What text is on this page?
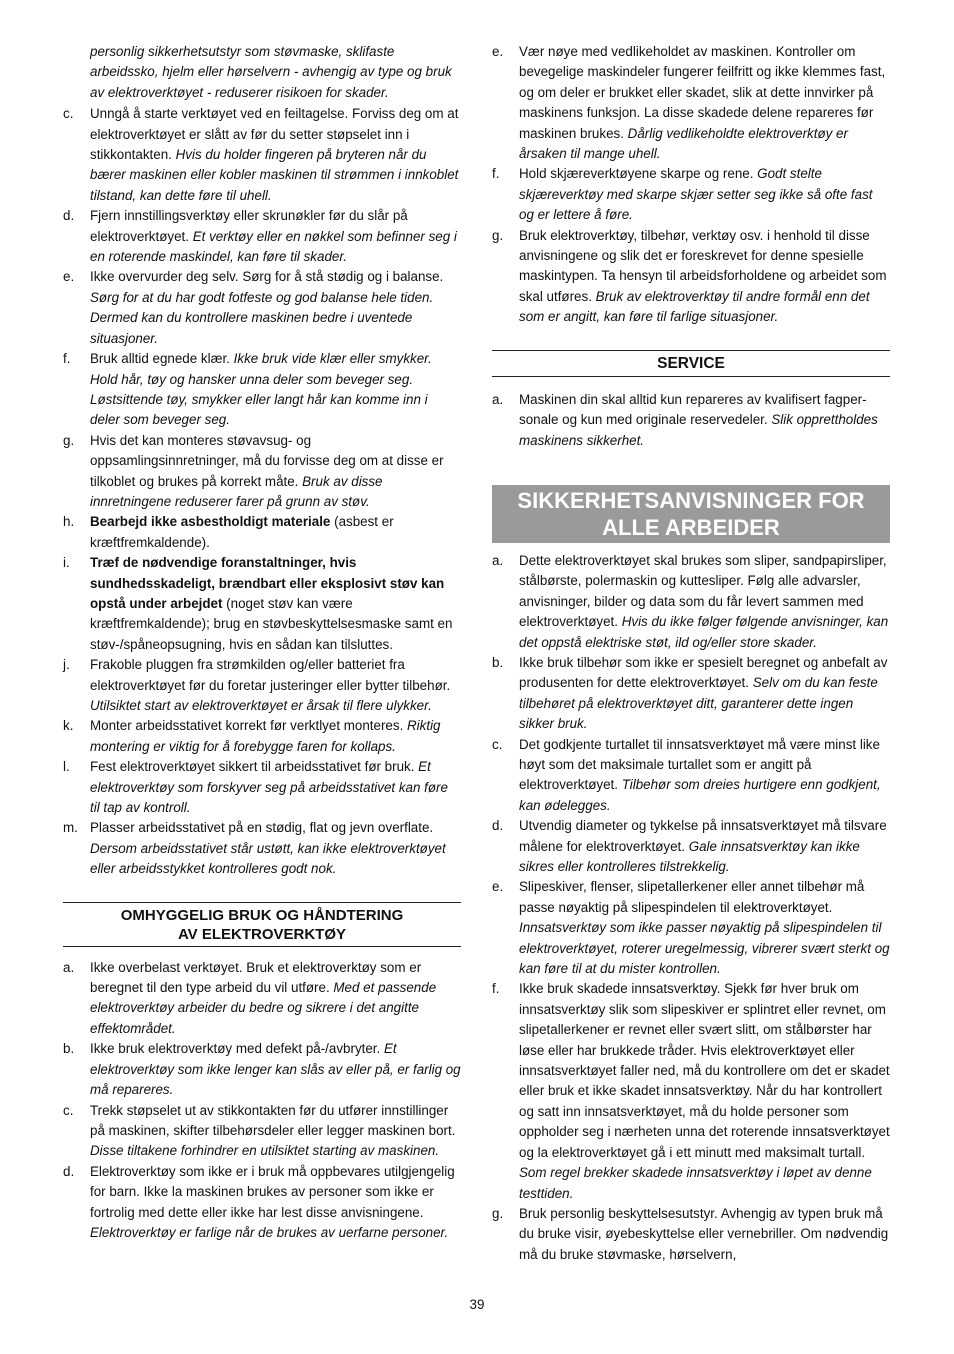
personlig sikkerhetsutstyr som støvmaske, sklifaste arbeidssko, hjelm eller hørselvern - avhengig av type og bruk av elektroverktøyet - reduserer risikoen for skader.

c. Unngå å starte verktøyet ved en feiltagelse. Forviss deg om at elektroverktøyet er slått av før du setter støpselet inn i stikkontakten. Hvis du holder fingeren på bryteren når du bærer maskinen eller kobler maskinen til strømmen i innkoblet tilstand, kan dette føre til uhell.

d. Fjern innstillingsverktøy eller skrunøkler før du slår på elektroverktøyet. Et verktøy eller en nøkkel som befinner seg i en roterende maskindel, kan føre til skader.

e. Ikke overvurder deg selv. Sørg for å stå stødig og i balanse. Sørg for at du har godt fotfeste og god balanse hele tiden. Dermed kan du kontrollere maskinen bedre i uventede situasjoner.

f. Bruk alltid egnede klær. Ikke bruk vide klær eller smykker. Hold hår, tøy og hansker unna deler som beveger seg. Løstsittende tøy, smykker eller langt hår kan komme inn i deler som beveger seg.

g. Hvis det kan monteres støvavsug- og oppsamlingsinnretninger, må du forvisse deg om at disse er tilkoblet og brukes på korrekt måte. Bruk av disse innretningene reduserer farer på grunn av støv.

h. Bearbejd ikke asbestholdigt materiale (asbest er kræftfremkaldende).

i. Træf de nødvendige foranstaltninger, hvis sundhedsskadeligt, brændbart eller eksplosivt støv kan opstå under arbejdet (noget støv kan være kræftfremkaldende); brug en støvbeskyttelsesmaske samt en støv-/spåneopsugning, hvis en sådan kan tilsluttes.

j. Frakoble pluggen fra strømkilden og/eller batteriet fra elektroverktøyet før du foretar justeringer eller bytter tilbehør. Utilsiktet start av elektroverktøyet er årsak til flere ulykker.

k. Monter arbeidsstativet korrekt før verktlyet monteres. Riktig montering er viktig for å forebygge faren for kollaps.

l. Fest elektroverktøyet sikkert til arbeidsstativet før bruk. Et elektroverktøy som forskyver seg på arbeidsstativet kan føre til tap av kontroll.

m. Plasser arbeidsstativet på en stødig, flat og jevn overflate. Dersom arbeidsstativet står ustøtt, kan ikke elektroverktøyet eller arbeidsstykket kontrolleres godt nok.

OMHYGGELIG BRUK OG HÅNDTERING
AV ELEKTROVERKTØY

a. Ikke overbelast verktøyet. Bruk et elektroverktøy som er beregnet til den type arbeid du vil utføre. Med et passende elektroverktøy arbeider du bedre og sikrere i det angitte effektområdet.

b. Ikke bruk elektroverktøy med defekt på-/avbryter. Et elektroverktøy som ikke lenger kan slås av eller på, er farlig og må repareres.

c. Trekk støpselet ut av stikkontakten før du utfører innstillinger på maskinen, skifter tilbehørsdeler eller legger maskinen bort. Disse tiltakene forhindrer en utilsiktet starting av maskinen.

d. Elektroverktøy som ikke er i bruk må oppbevares utilgjengelig for barn. Ikke la maskinen brukes av personer som ikke er fortrolig med dette eller ikke har lest disse anvisningene. Elektroverktøy er farlige når de brukes av uerfarne personer.

e. Vær nøye med vedlikeholdet av maskinen. Kontroller om bevegelige maskindeler fungerer feilfritt og ikke klemmes fast, og om deler er brukket eller skadet, slik at dette innvirker på maskinens funksjon. La disse skadede delene repareres før maskinen brukes. Dårlig vedlikeholdte elektroverktøy er årsaken til mange uhell.

f. Hold skjæreverktøyene skarpe og rene. Godt stelte skjæreverktøy med skarpe skjær setter seg ikke så ofte fast og er lettere å føre.

g. Bruk elektroverktøy, tilbehør, verktøy osv. i henhold til disse anvisningene og slik det er foreskrevet for denne spesielle maskintypen. Ta hensyn til arbeidsforholdene og arbeidet som skal utføres. Bruk av elektroverktøy til andre formål enn det som er angitt, kan føre til farlige situasjoner.

SERVICE

a. Maskinen din skal alltid kun repareres av kvalifisert fagper-sonale og kun med originale reservedeler. Slik opprettholdes maskinens sikkerhet.

SIKKERHETSANVISNINGER FOR
ALLE ARBEIDER

a. Dette elektroverktøyet skal brukes som sliper, sandpapirsliper, stålbørste, polermaskin og kuttesliper. Følg alle advarsler, anvisninger, bilder og data som du får levert sammen med elektroverktøyet. Hvis du ikke følger følgende anvisninger, kan det oppstå elektriske støt, ild og/eller store skader.

b. Ikke bruk tilbehør som ikke er spesielt beregnet og anbefalt av produsenten for dette elektroverktøyet. Selv om du kan feste tilbehøret på elektroverktøyet ditt, garanterer dette ingen sikker bruk.

c. Det godkjente turtallet til innsatsverktøyet må være minst like høyt som det maksimale turtallet som er angitt på elektroverktøyet. Tilbehør som dreies hurtigere enn godkjent, kan ødelegges.

d. Utvendig diameter og tykkelse på innsatsverktøyet må tilsvare målene for elektroverktøyet. Gale innsatsverktøy kan ikke sikres eller kontrolleres tilstrekkelig.

e. Slipeskiver, flenser, slipetallerkener eller annet tilbehør må passe nøyaktig på slipespindelen til elektroverktøyet. Innsatsverktøy som ikke passer nøyaktig på slipespindelen til elektroverktøyet, roterer uregelmessig, vibrerer svært sterkt og kan føre til at du mister kontrollen.

f. Ikke bruk skadede innsatsverktøy. Sjekk før hver bruk om innsatsverktøy slik som slipeskiver er splintret eller revnet, om slipetallerkener er revnet eller svært slitt, om stålbørster har løse eller har brukkede tråder. Hvis elektroverktøyet eller innsatsverktøyet faller ned, må du kontrollere om det er skadet eller bruk et ikke skadet innsatsverktøy. Når du har kontrollert og satt inn innsatsverktøyet, må du holde personer som oppholder seg i nærheten unna det roterende innsatsverktøyet og la elektroverktøyet gå i ett minutt med maksimalt turtall. Som regel brekker skadede innsatsverktøy i løpet av denne testtiden.

g. Bruk personlig beskyttelsesutstyr. Avhengig av typen bruk må du bruke visir, øyebeskyttelse eller vernebriller. Om nødvendig må du bruke støvmaske, hørselvern,

39
